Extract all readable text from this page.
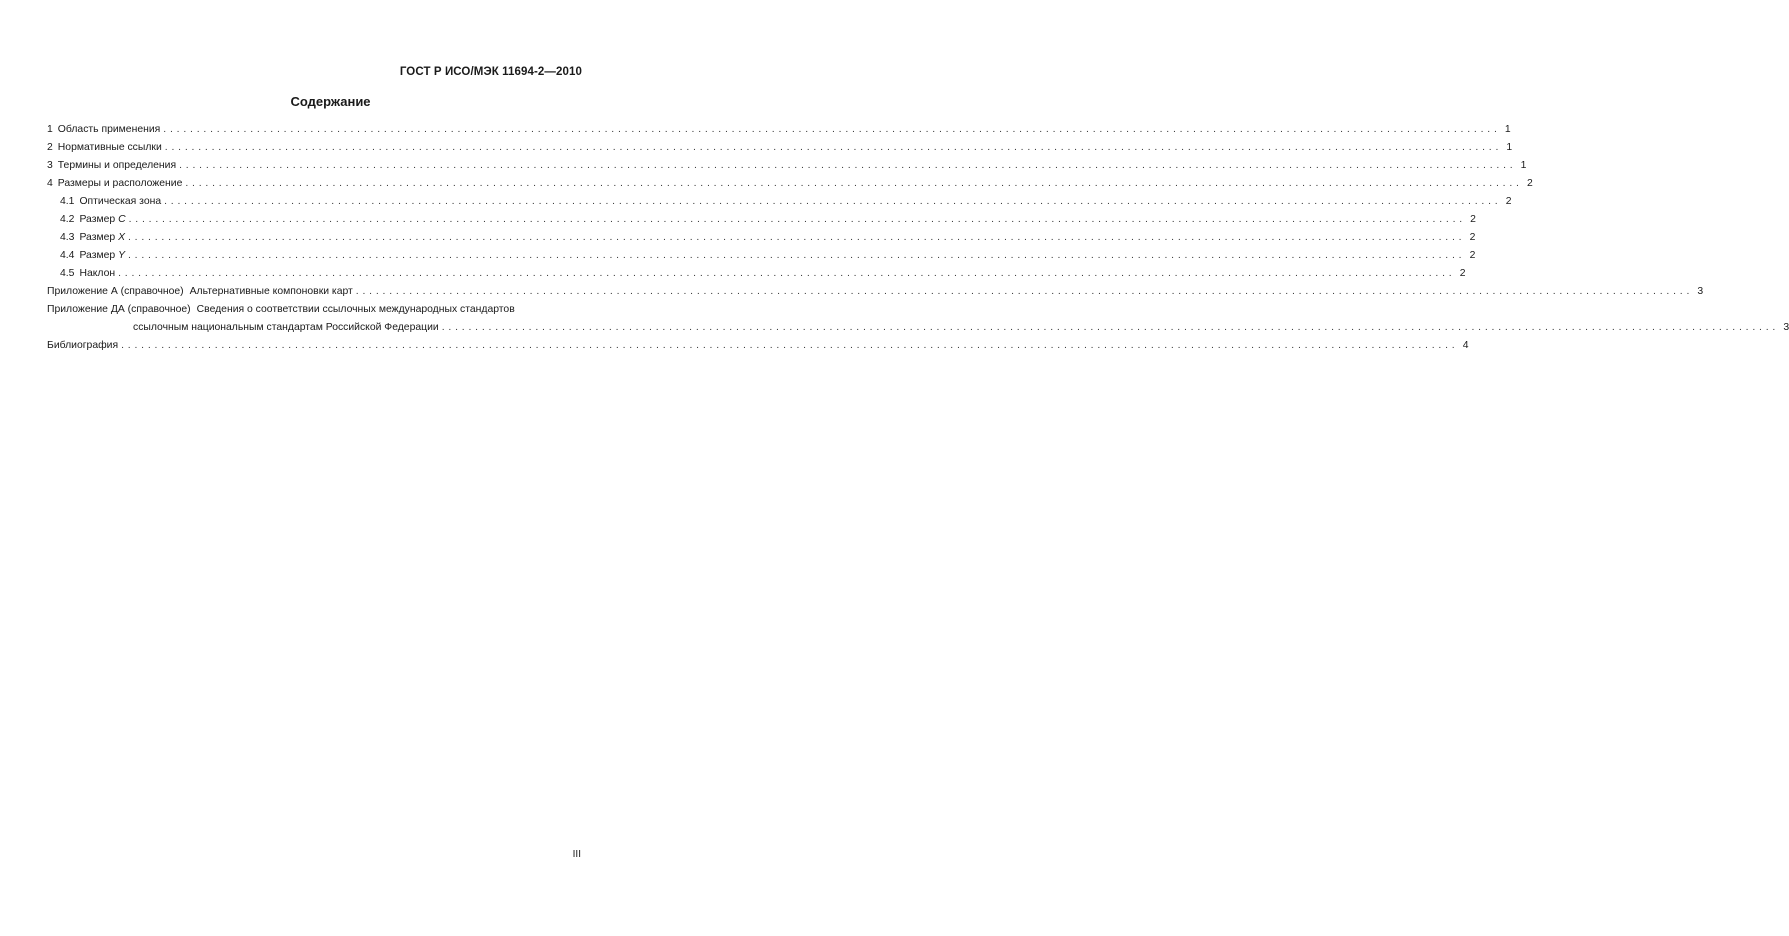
ГОСТ Р ИСО/МЭК 11694-2—2010
Содержание
1 Область применения ........................................................................................................................................................................................................ 1
2 Нормативные ссылки ........................................................................................................................................................................................................ 1
3 Термины и определения ........................................................................................................................................................................................................ 1
4 Размеры и расположение ........................................................................................................................................................................................................ 2
4.1 Оптическая зона ........................................................................................................................................................................................................ 2
4.2 Размер C ........................................................................................................................................................................................................ 2
4.3 Размер X ........................................................................................................................................................................................................ 2
4.4 Размер Y ........................................................................................................................................................................................................ 2
4.5 Наклон ........................................................................................................................................................................................................ 2
Приложение А (справочное) Альтернативные компоновки карт ........................................................................................................................................................................................................ 3
Приложение ДА (справочное) Сведения о соответствии ссылочных международных стандартов
ссылочным национальным стандартам Российской Федерации ........................................................................................................................................................................................................ 3
Библиография ........................................................................................................................................................................................................ 4
III
